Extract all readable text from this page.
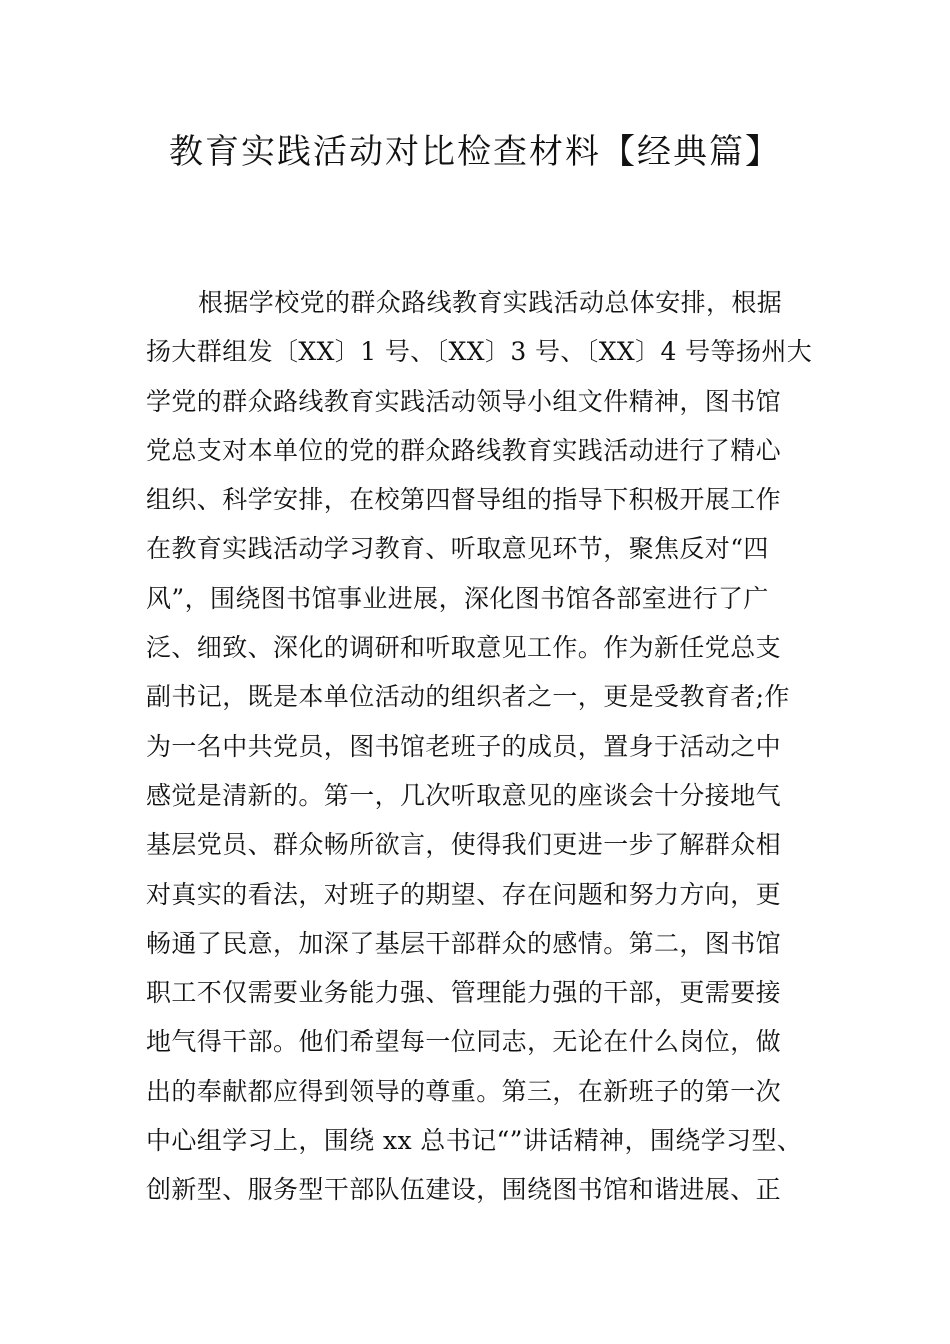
教育实践活动对比检查材料【经典篇】
根据学校党的群众路线教育实践活动总体安排，根据
扬大群组发〔XX〕1 号、〔XX〕3 号、〔XX〕4 号等扬州大
学党的群众路线教育实践活动领导小组文件精神，图书馆
党总支对本单位的党的群众路线教育实践活动进行了精心
组织、科学安排，在校第四督导组的指导下积极开展工作
在教育实践活动学习教育、听取意见环节，聚焦反对“四
风”，围绕图书馆事业进展，深化图书馆各部室进行了广
泛、细致、深化的调研和听取意见工作。作为新任党总支
副书记，既是本单位活动的组织者之一，更是受教育者;作
为一名中共党员，图书馆老班子的成员，置身于活动之中
感觉是清新的。第一，几次听取意见的座谈会十分接地气
基层党员、群众畅所欲言，使得我们更进一步了解群众相
对真实的看法，对班子的期望、存在问题和努力方向，更
畅通了民意，加深了基层干部群众的感情。第二，图书馆
职工不仅需要业务能力强、管理能力强的干部，更需要接
地气得干部。他们希望每一位同志，无论在什么岗位，做
出的奉献都应得到领导的尊重。第三，在新班子的第一次
中心组学习上，围绕 xx 总书记“”讲话精神，围绕学习型、
创新型、服务型干部队伍建设，围绕图书馆和谐进展、正
